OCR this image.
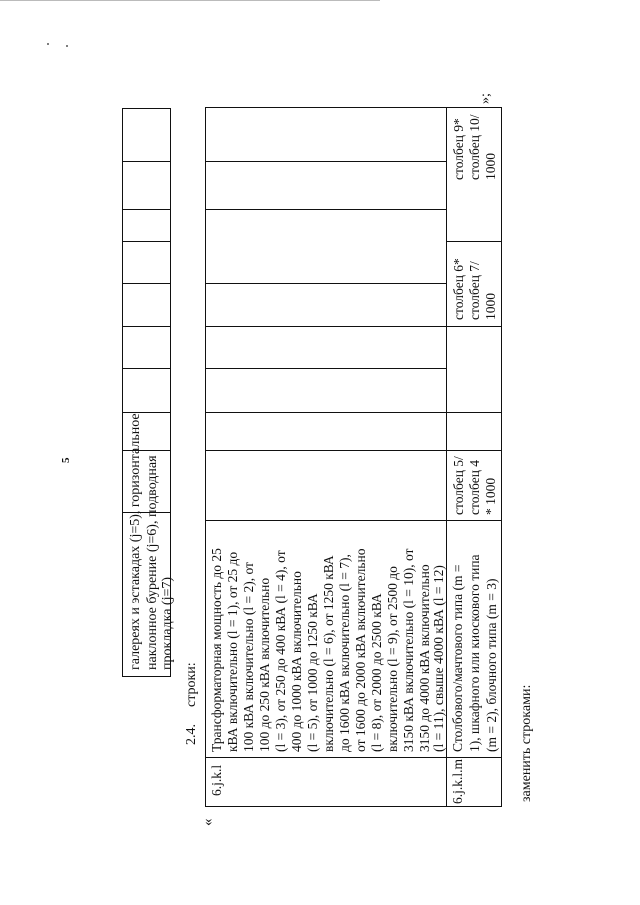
5	галереях и эстакадах (j=5), горизонтальное наклонное бурение (j=6), подводная прокладка (j=7)
2.4.
строки:
«
6.j.k.l
Трансформаторная мощность до 25 кВА включительно (l = 1), от 25 до 100 кВА включительно (l = 2), от 100 до 250 кВА включительно (l = 3), от 250 до 400 кВА (l = 4), от 400 до 1000 кВА включительно (l = 5), от 1000 до 1250 кВА включительно (l = 6), от 1250 кВА до 1600 кВА включительно (l = 7), от 1600 до 2000 кВА включительно (l = 8), от 2000 до 2500 кВА включительно (l = 9), от 2500 до 3150 кВА включительно (l = 10), от 3150 до 4000 кВА включительно (l = 11), свыше 4000 кВА (l = 12)
6.j.k.l.m
Столбового/мачтового типа (m = 1), шкафного или киоскового типа (m = 2), блочного типа (m = 3)
столбец 5/ столбец 4 * 1000
столбец 6* столбец 7/ 1000
столбец 9* столбец 10/ 1000
»;
заменить строками:
